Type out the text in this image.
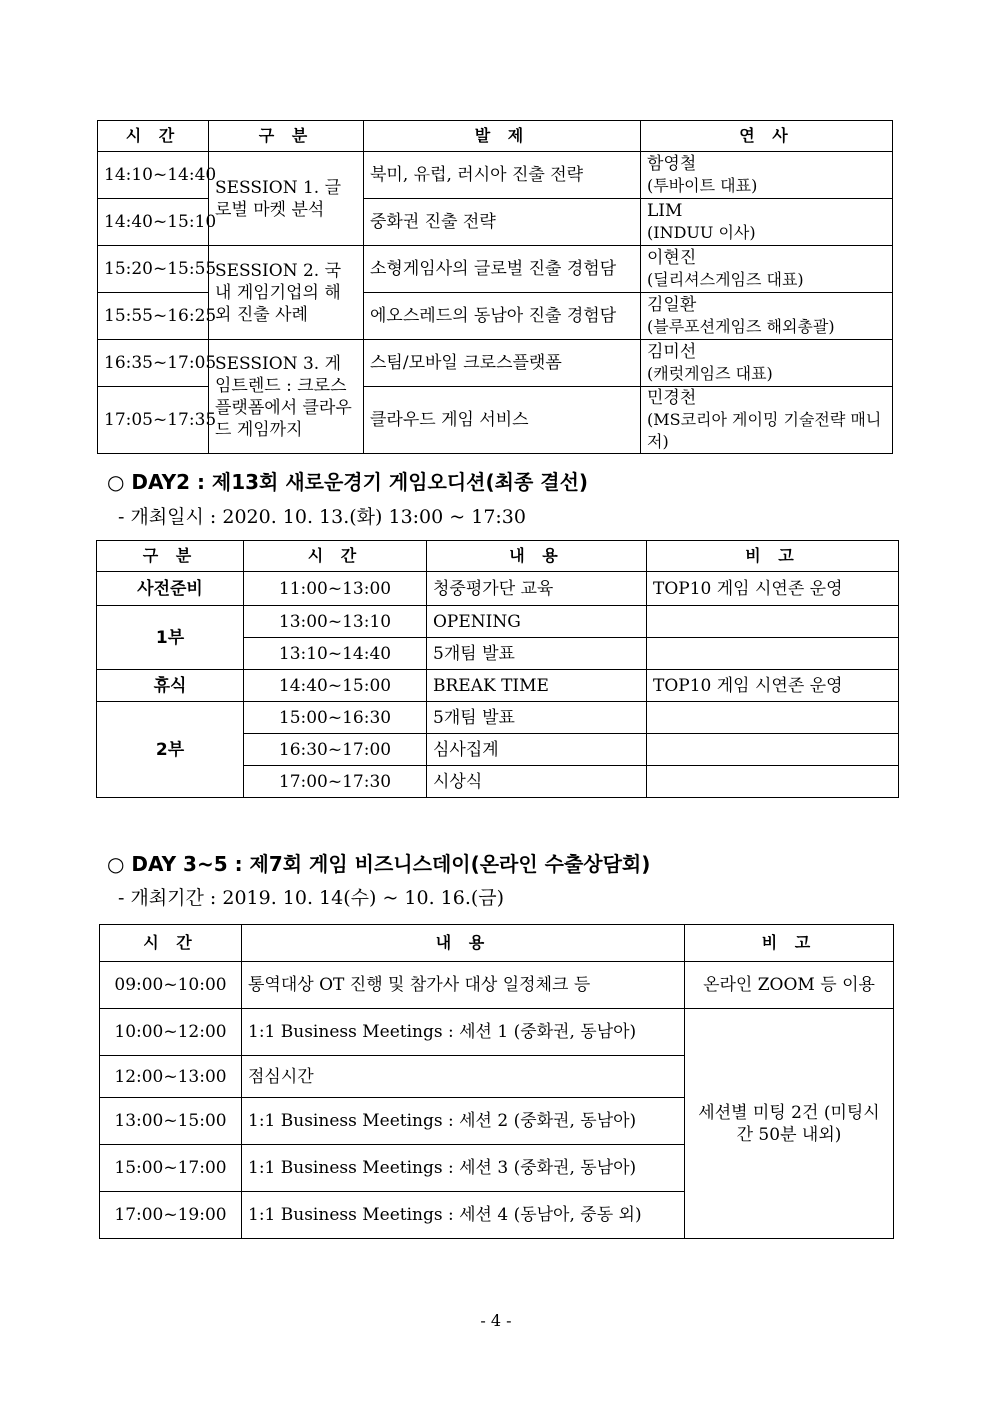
시 간	구 분	발 제	연 사
14:10~14:40	SESSION 1. 글로벌 마켓 분석	북미, 유럽, 러시아 진출 전략	함영철
(투바이트 대표)

14:40~15:10		중화권 진출 전략	LIM
(INDUU 이사)

15:20~15:55	SESSION 2. 국내 게임기업의 해외 진출 사례	소형게임사의 글로벌 진출 경험담	이현진
(딜리셔스게임즈 대표)

15:55~16:25		에오스레드의 동남아 진출 경험담	김일환
(블루포션게임즈 해외총괄)

16:35~17:05	SESSION 3. 게임트렌드 : 크로스 플랫폼에서 클라우드 게임까지	스팀/모바일 크로스플랫폼	김미선
(캐럿게임즈 대표)

17:05~17:35		클라우드 게임 서비스	민경천
(MS코리아 게이밍 기술전략 매니저)
○ DAY2 : 제13회 새로운경기 게임오디션(최종 결선)
- 개최일시 : 2020. 10. 13.(화) 13:00 ~ 17:30
구 분	시 간	내 용	비 고
사전준비	11:00~13:00	청중평가단 교육	TOP10 게임 시연존 운영
1부	13:00~13:10	OPENING	
	13:10~14:40	5개팀 발표	
휴식	14:40~15:00	BREAK TIME	TOP10 게임 시연존 운영
2부	15:00~16:30	5개팀 발표	
	16:30~17:00	심사집계	
	17:00~17:30	시상식	
○ DAY 3~5 : 제7회 게임 비즈니스데이(온라인 수출상담회)
- 개최기간 : 2019. 10. 14(수) ~ 10. 16.(금)
시 간	내 용	비 고
09:00~10:00	통역대상 OT 진행 및 참가사 대상 일정체크 등	온라인 ZOOM 등 이용
10:00~12:00	1:1 Business Meetings : 세션 1 (중화권, 동남아)	세션별 미팅 2건 (미팅시간 50분 내외)
12:00~13:00	점심시간	
13:00~15:00	1:1 Business Meetings : 세션 2 (중화권, 동남아)	
15:00~17:00	1:1 Business Meetings : 세션 3 (중화권, 동남아)	
17:00~19:00	1:1 Business Meetings : 세션 4 (동남아, 중동 외)	
- 4 -
